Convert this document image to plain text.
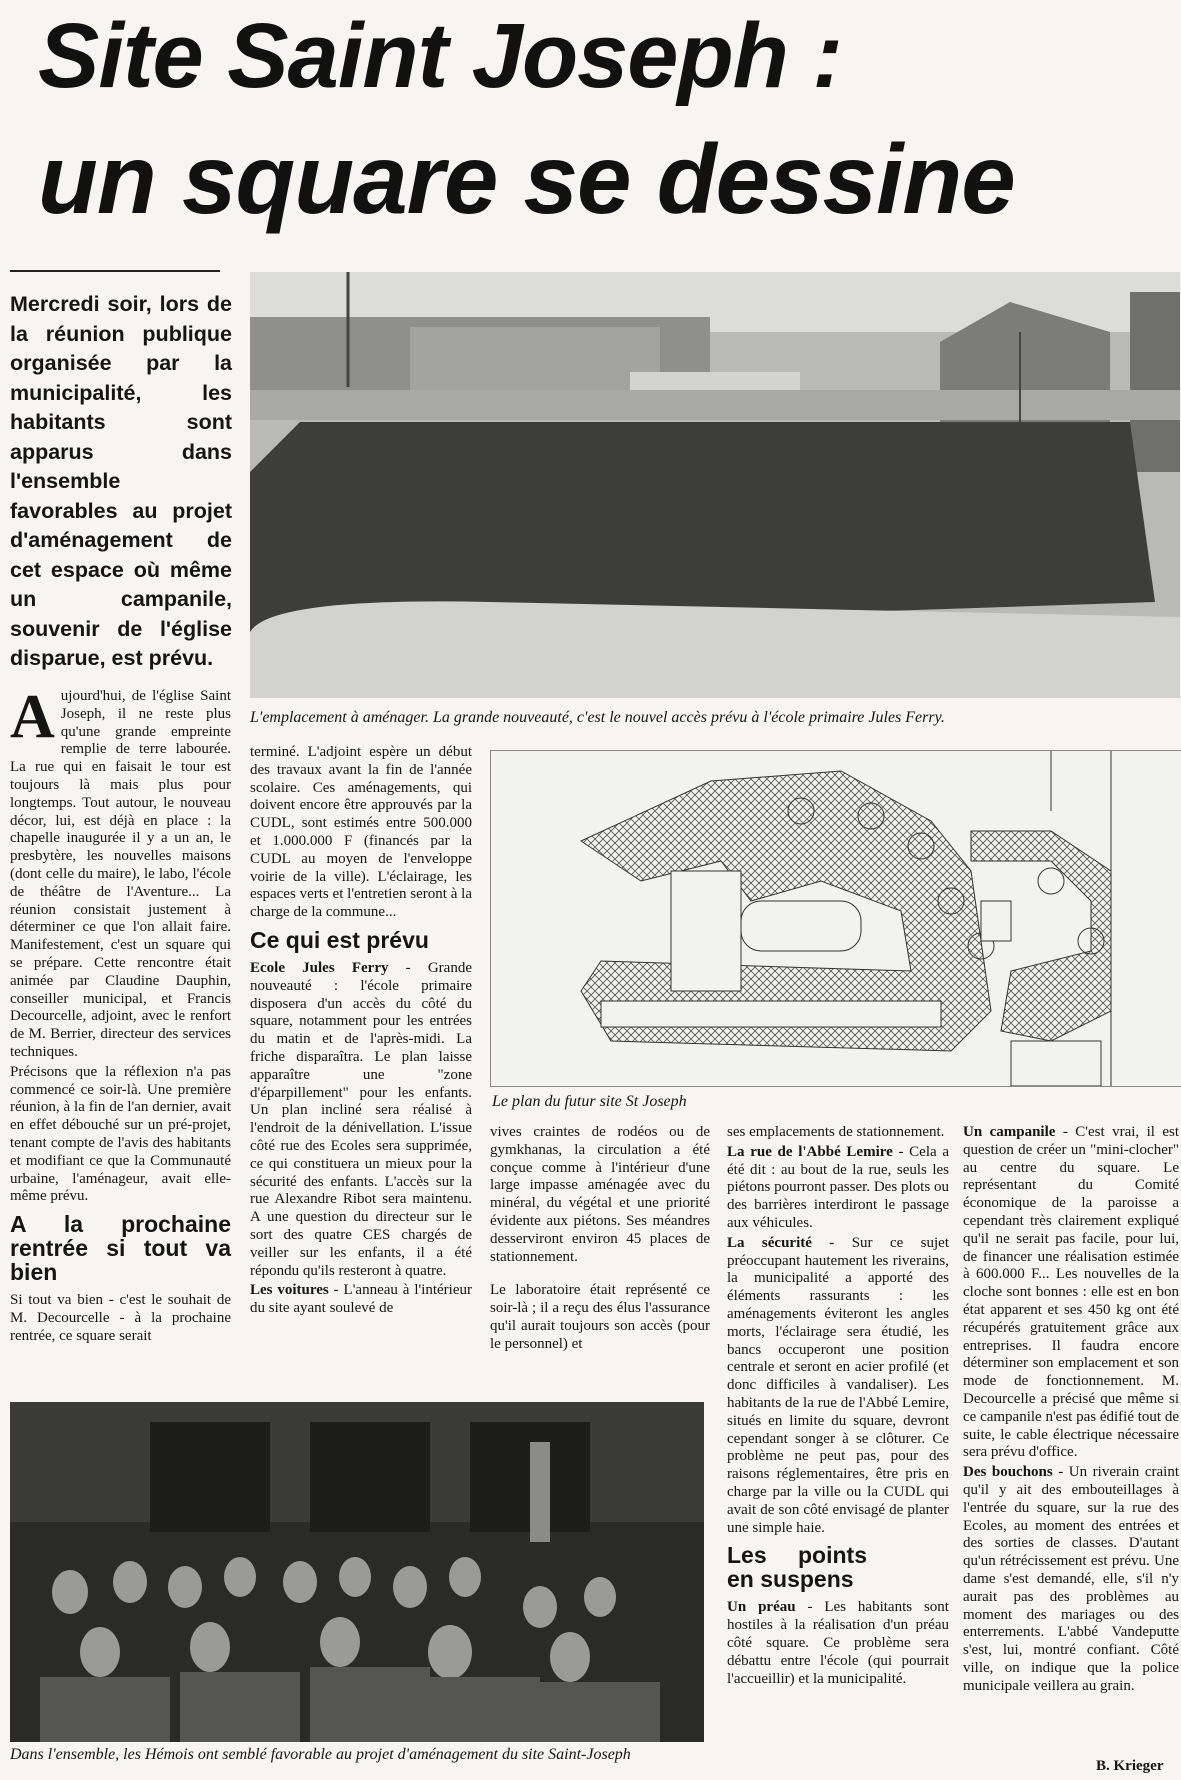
Site Saint Joseph :
un square se dessine
Mercredi soir, lors de la réunion publique organisée par la municipalité, les habitants sont apparus dans l'ensemble favorables au projet d'aménagement de cet espace où même un campanile, souvenir de l'église disparue, est prévu.
L'emplacement à aménager. La grande nouveauté, c'est le nouvel accès prévu à l'école primaire Jules Ferry.
Le plan du futur site St Joseph

Aujourd'hui, de l'église Saint Joseph, il ne reste plus qu'une grande empreinte remplie de terre labourée. La rue qui en faisait le tour est toujours là mais plus pour longtemps. Tout autour, le nouveau décor, lui, est déjà en place : la chapelle inaugurée il y a un an, le presbytère, les nouvelles maisons (dont celle du maire), le labo, l'école de théâtre de l'Aventure... La réunion consistait justement à déterminer ce que l'on allait faire. Manifestement, c'est un square qui se prépare. Cette rencontre était animée par Claudine Dauphin, conseiller municipal, et Francis Decourcelle, adjoint, avec le renfort de M. Berrier, directeur des services techniques.

Précisons que la réflexion n'a pas commencé ce soir-là. Une première réunion, à la fin de l'an dernier, avait en effet débouché sur un pré-projet, tenant compte de l'avis des habitants et modifiant ce que la Communauté urbaine, l'aménageur, avait elle-même prévu.

A la prochaine rentrée si tout va bien

Si tout va bien - c'est le souhait de M. Decourcelle - à la prochaine rentrée, ce square serait

terminé. L'adjoint espère un début des travaux avant la fin de l'année scolaire. Ces aménagements, qui doivent encore être approuvés par la CUDL, sont estimés entre 500.000 et 1.000.000 F (financés par la CUDL au moyen de l'enveloppe voirie de la ville). L'éclairage, les espaces verts et l'entretien seront à la charge de la commune...

Ce qui est prévu

Ecole Jules Ferry - Grande nouveauté : l'école primaire disposera d'un accès du côté du square, notamment pour les entrées du matin et de l'après-midi. La friche disparaîtra. Le plan laisse apparaître une "zone d'éparpillement" pour les enfants. Un plan incliné sera réalisé à l'endroit de la dénivellation. L'issue côté rue des Ecoles sera supprimée, ce qui constituera un mieux pour la sécurité des enfants. L'accès sur la rue Alexandre Ribot sera maintenu. A une question du directeur sur le sort des quatre CES chargés de veiller sur les enfants, il a été répondu qu'ils resteront à quatre.

Les voitures - L'anneau à l'intérieur du site ayant soulevé de

vives craintes de rodéos ou de gymkhanas, la circulation a été conçue comme à l'intérieur d'une large impasse aménagée avec du minéral, du végétal et une priorité évidente aux piétons. Ses méandres desserviront environ 45 places de stationnement.

Le laboratoire était représenté ce soir-là ; il a reçu des élus l'assurance qu'il aurait toujours son accès (pour le personnel) et

ses emplacements de stationnement.

La rue de l'Abbé Lemire - Cela a été dit : au bout de la rue, seuls les piétons pourront passer. Des plots ou des barrières interdiront le passage aux véhicules.

La sécurité - Sur ce sujet préoccupant hautement les riverains, la municipalité a apporté des éléments rassurants : les aménagements éviteront les angles morts, l'éclairage sera étudié, les bancs occuperont une position centrale et seront en acier profilé (et donc difficiles à vandaliser). Les habitants de la rue de l'Abbé Lemire, situés en limite du square, devront cependant songer à se clôturer. Ce problème ne peut pas, pour des raisons réglementaires, être pris en charge par la ville ou la CUDL qui avait de son côté envisagé de planter une simple haie.

Les points en suspens

Un préau - Les habitants sont hostiles à la réalisation d'un préau côté square. Ce problème sera débattu entre l'école (qui pourrait l'accueillir) et la municipalité.

Un campanile - C'est vrai, il est question de créer un "mini-clocher" au centre du square. Le représentant du Comité économique de la paroisse a cependant très clairement expliqué qu'il ne serait pas facile, pour lui, de financer une réalisation estimée à 600.000 F... Les nouvelles de la cloche sont bonnes : elle est en bon état apparent et ses 450 kg ont été récupérés gratuitement grâce aux entreprises. Il faudra encore déterminer son emplacement et son mode de fonctionnement. M. Decourcelle a précisé que même si ce campanile n'est pas édifié tout de suite, le cable électrique nécessaire sera prévu d'office.

Des bouchons - Un riverain craint qu'il y ait des embouteillages à l'entrée du square, sur la rue des Ecoles, au moment des entrées et des sorties de classes. D'autant qu'un rétrécissement est prévu. Une dame s'est demandé, elle, s'il n'y aurait pas des problèmes au moment des mariages ou des enterrements. L'abbé Vandeputte s'est, lui, montré confiant. Côté ville, on indique que la police municipale veillera au grain.

B. Krieger
Dans l'ensemble, les Hémois ont semblé favorable au projet d'aménagement du site Saint-Joseph
